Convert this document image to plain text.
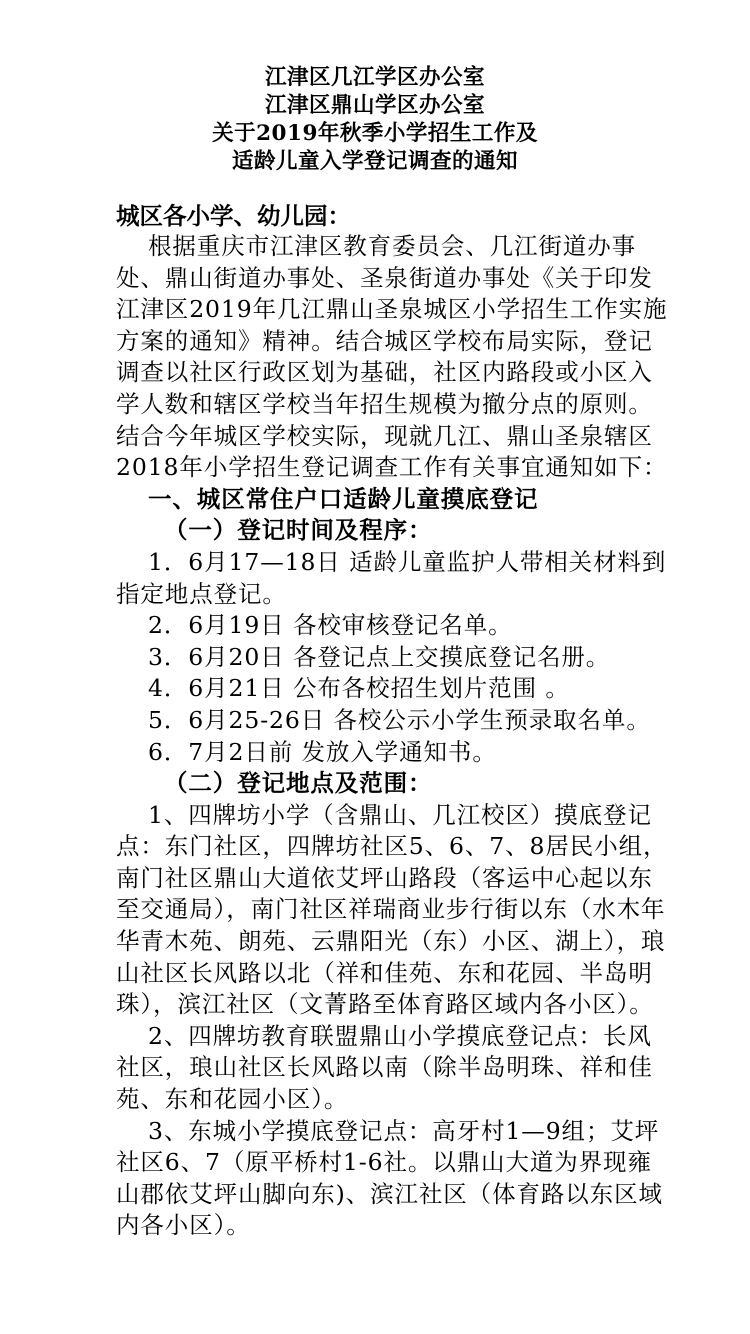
江津区几江学区办公室
江津区鼎山学区办公室
关于2019年秋季小学招生工作及
适龄儿童入学登记调查的通知
城区各小学、幼儿园：

根据重庆市江津区教育委员会、几江街道办事处、鼎山街道办事处、圣泉街道办事处《关于印发江津区2019年几江鼎山圣泉城区小学招生工作实施方案的通知》精神。结合城区学校布局实际，登记调查以社区行政区划为基础，社区内路段或小区入学人数和辖区学校当年招生规模为撤分点的原则。结合今年城区学校实际，现就几江、鼎山圣泉辖区2018年小学招生登记调查工作有关事宜通知如下：

一、城区常住户口适龄儿童摸底登记

（一）登记时间及程序：

1．6月17—18日 适龄儿童监护人带相关材料到指定地点登记。

2．6月19日 各校审核登记名单。

3．6月20日 各登记点上交摸底登记名册。

4．6月21日 公布各校招生划片范围 。

5．6月25-26日 各校公示小学生预录取名单。

6．7月2日前 发放入学通知书。

（二）登记地点及范围：

1、四牌坊小学（含鼎山、几江校区）摸底登记点：东门社区，四牌坊社区5、6、7、8居民小组，南门社区鼎山大道依艾坪山路段（客运中心起以东至交通局），南门社区祥瑞商业步行街以东（水木年华青木苑、朗苑、云鼎阳光（东）小区、湖上），琅山社区长风路以北（祥和佳苑、东和花园、半岛明珠），滨江社区（文菁路至体育路区域内各小区）。

2、四牌坊教育联盟鼎山小学摸底登记点：长风社区，琅山社区长风路以南（除半岛明珠、祥和佳苑、东和花园小区）。

3、东城小学摸底登记点：高牙村1—9组；艾坪社区6、7（原平桥村1-6社。以鼎山大道为界现雍山郡依艾坪山脚向东)、滨江社区（体育路以东区域内各小区）。
